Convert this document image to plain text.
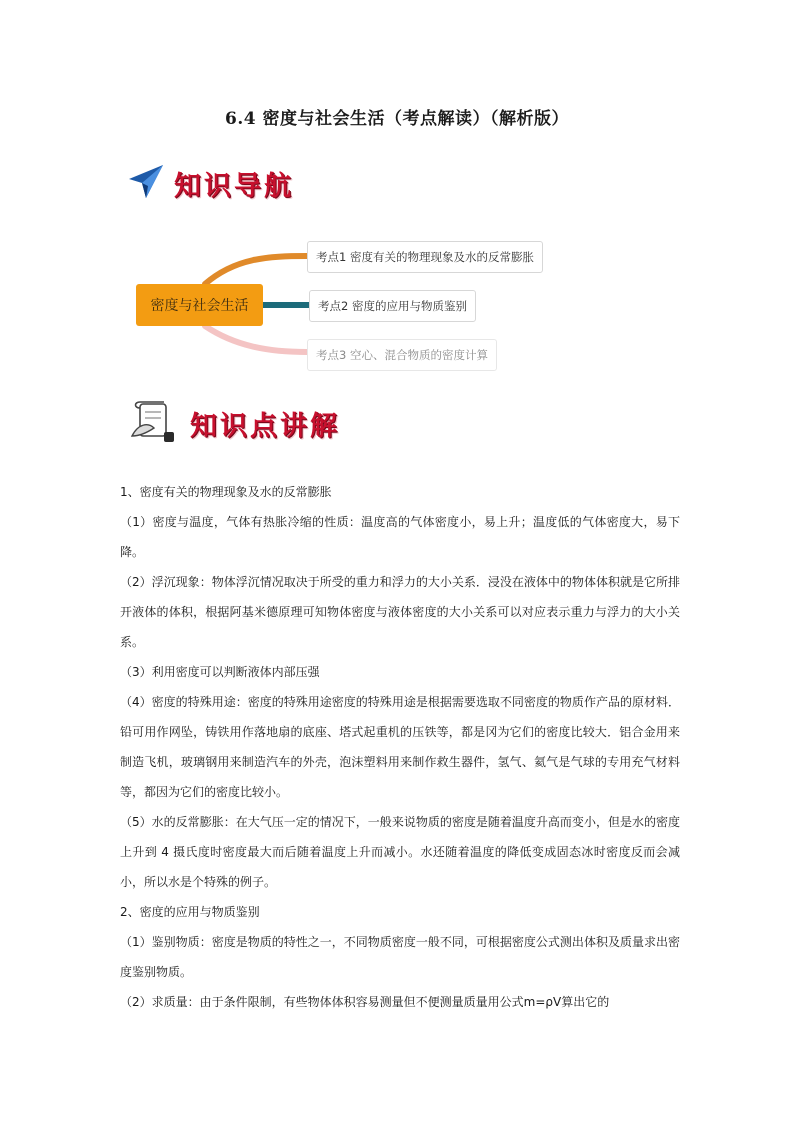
6.4 密度与社会生活（考点解读）（解析版）
知识导航
密度与社会生活
考点1 密度有关的物理现象及水的反常膨胀
考点2 密度的应用与物质鉴别
考点3 空心、混合物质的密度计算
知识点讲解

1、密度有关的物理现象及水的反常膨胀

（1）密度与温度，气体有热胀冷缩的性质：温度高的气体密度小，易上升；温度低的气体密度大，易下降。

（2）浮沉现象：物体浮沉情况取决于所受的重力和浮力的大小关系．浸没在液体中的物体体积就是它所排开液体的体积，根据阿基米德原理可知物体密度与液体密度的大小关系可以对应表示重力与浮力的大小关系。

（3）利用密度可以判断液体内部压强

（4）密度的特殊用途：密度的特殊用途密度的特殊用途是根据需要选取不同密度的物质作产品的原材料．铅可用作网坠，铸铁用作落地扇的底座、塔式起重机的压铁等，都是冈为它们的密度比较大．铝合金用来制造飞机，玻璃钢用来制造汽车的外壳，泡沫塑料用来制作救生器件，氢气、氦气是气球的专用充气材料等，都因为它们的密度比较小。

（5）水的反常膨胀：在大气压一定的情况下，一般来说物质的密度是随着温度升高而变小，但是水的密度上升到 4 摄氏度时密度最大而后随着温度上升而减小。水还随着温度的降低变成固态冰时密度反而会减小，所以水是个特殊的例子。

2、密度的应用与物质鉴别

（1）鉴别物质：密度是物质的特性之一，不同物质密度一般不同，可根据密度公式测出体积及质量求出密度鉴别物质。

（2）求质量：由于条件限制，有些物体体积容易测量但不便测量质量用公式m=ρV算出它的
